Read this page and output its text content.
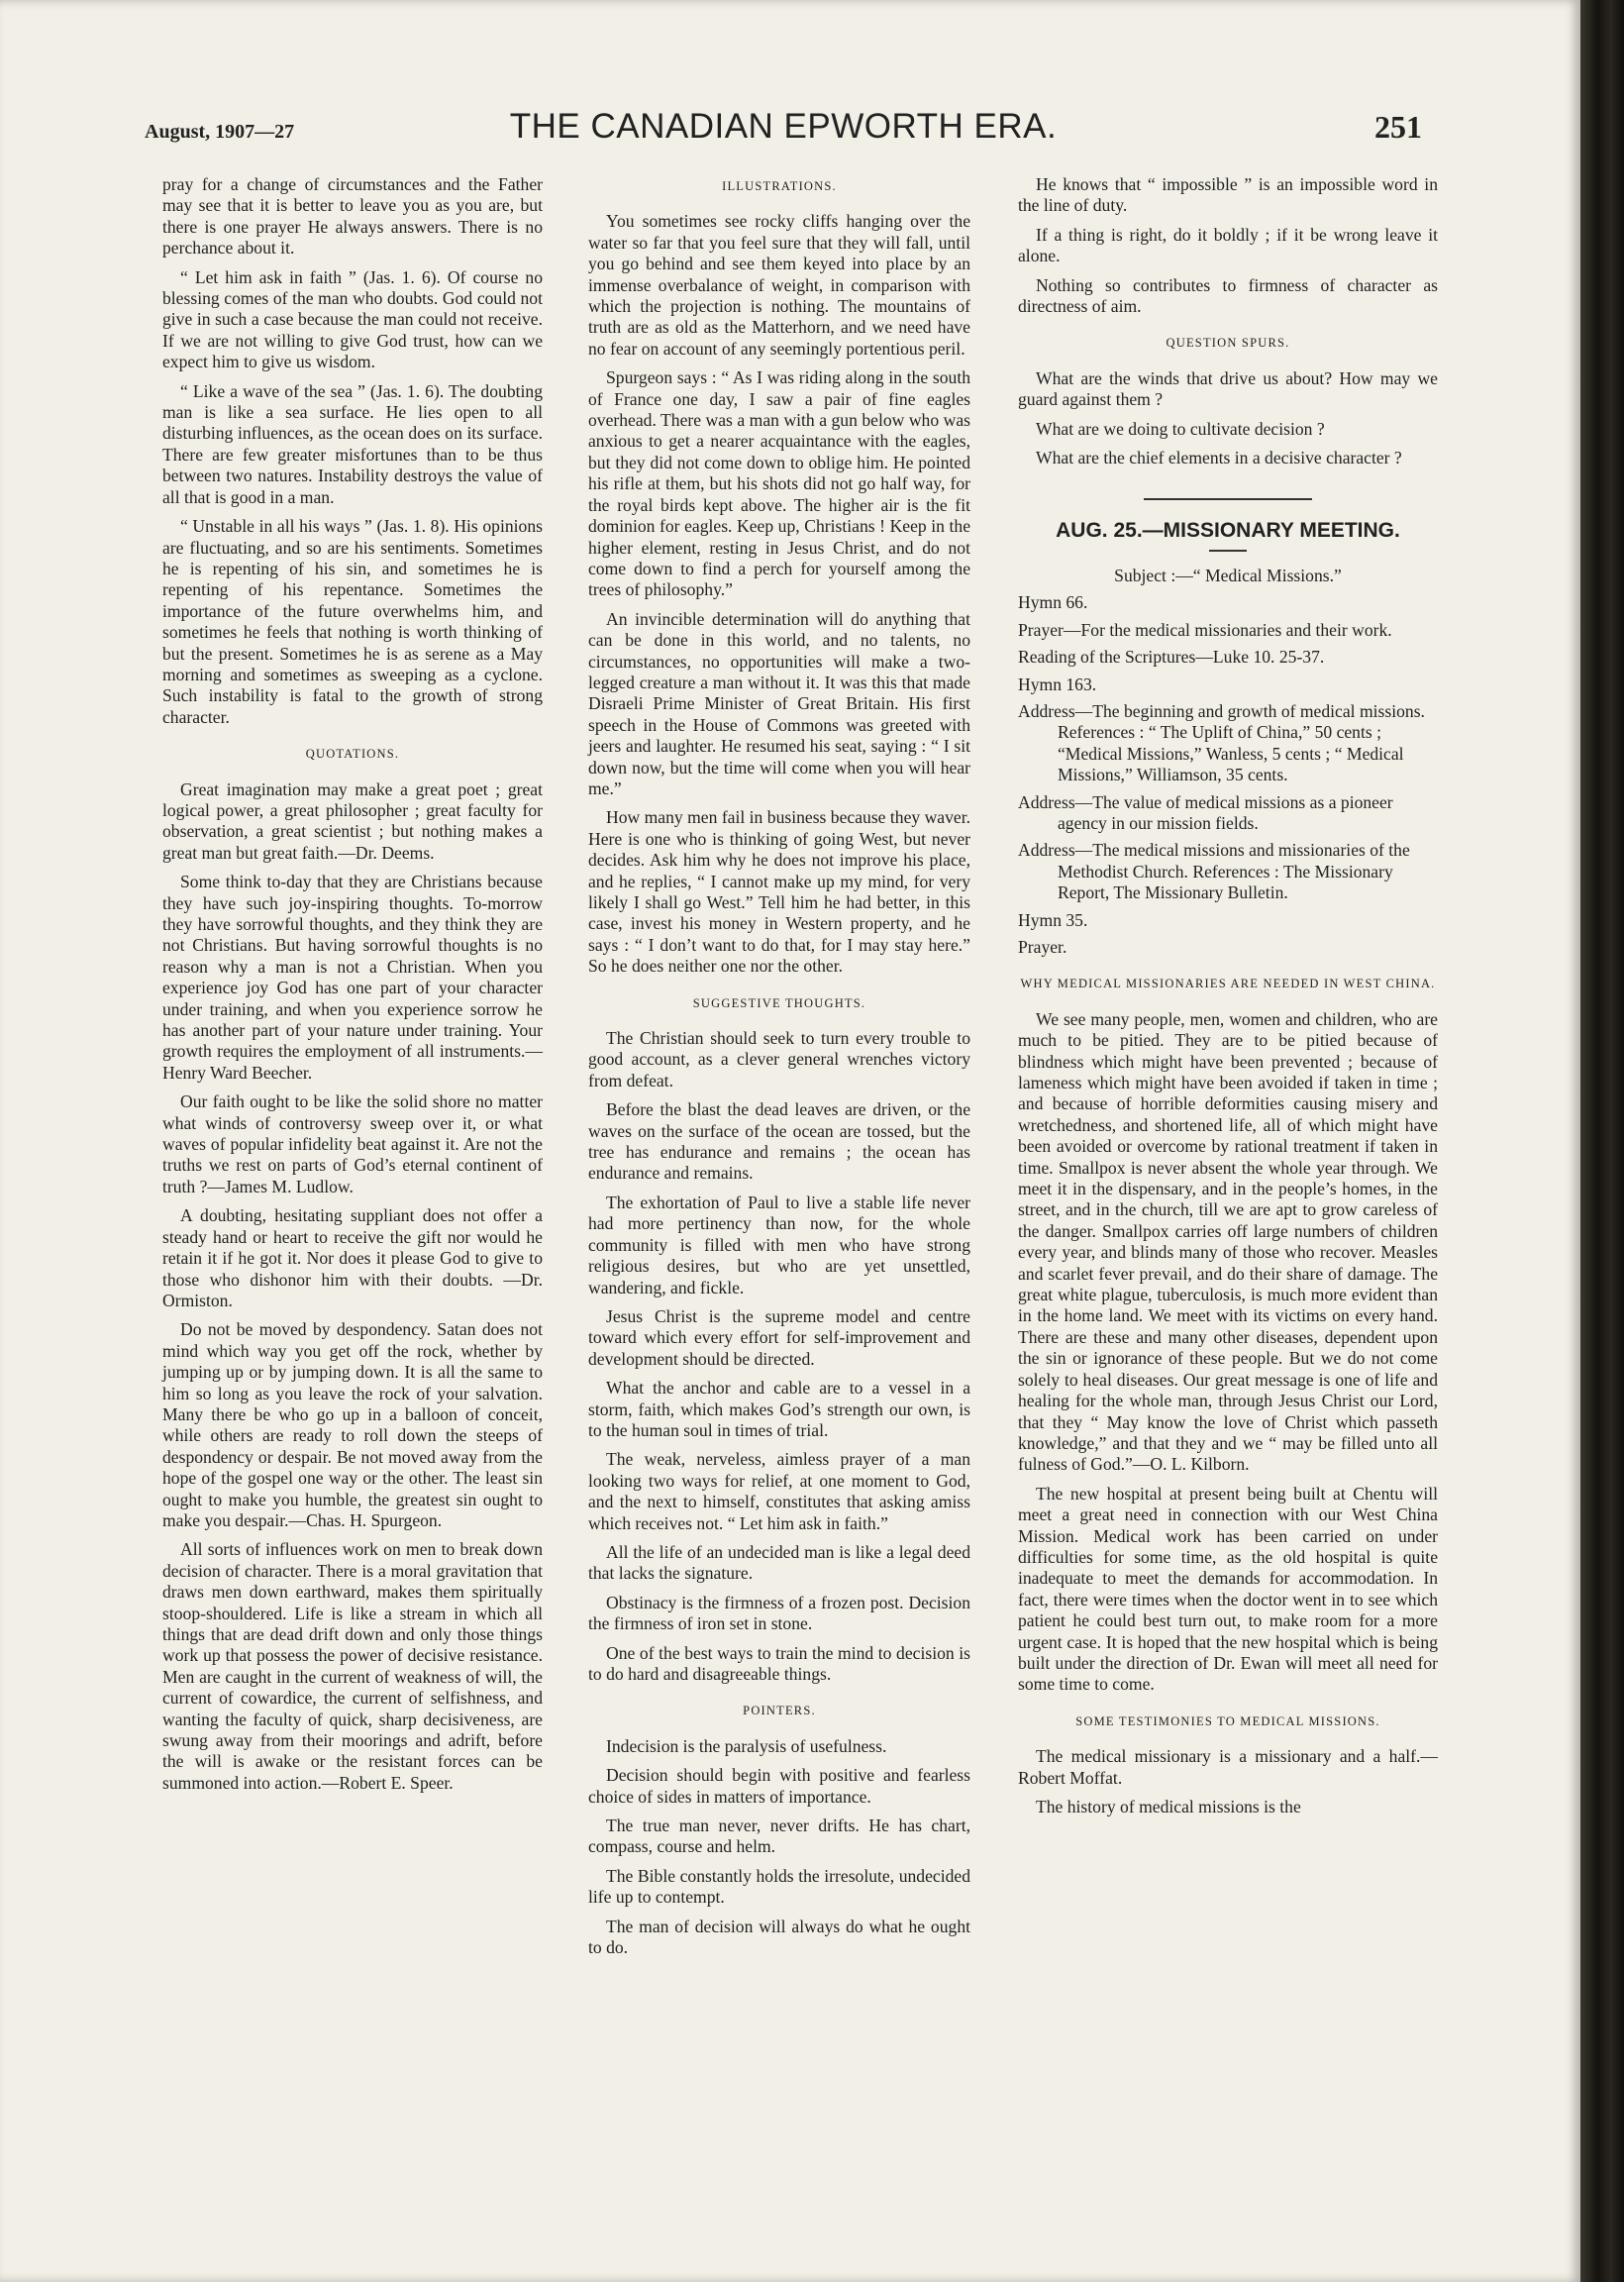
August, 1907—27	THE CANADIAN EPWORTH ERA.	251

pray for a change of circumstances and the Father may see that it is better to leave you as you are, but there is one prayer He always answers. There is no perchance about it.

“ Let him ask in faith ” (Jas. 1. 6). Of course no blessing comes of the man who doubts. God could not give in such a case because the man could not receive. If we are not willing to give God trust, how can we expect him to give us wisdom.

“ Like a wave of the sea ” (Jas. 1. 6). The doubting man is like a sea surface. He lies open to all disturbing influences, as the ocean does on its surface. There are few greater misfortunes than to be thus between two natures. Instability destroys the value of all that is good in a man.

“ Unstable in all his ways ” (Jas. 1. 8). His opinions are fluctuating, and so are his sentiments. Sometimes he is repenting of his sin, and sometimes he is repenting of his repentance. Sometimes the importance of the future overwhelms him, and sometimes he feels that nothing is worth thinking of but the present. Sometimes he is as serene as a May morning and sometimes as sweeping as a cyclone. Such instability is fatal to the growth of strong character.

QUOTATIONS.

Great imagination may make a great poet ; great logical power, a great philosopher ; great faculty for observation, a great scientist ; but nothing makes a great man but great faith.—Dr. Deems.

Some think to-day that they are Christians because they have such joy-inspiring thoughts. To-morrow they have sorrowful thoughts, and they think they are not Christians. But having sorrowful thoughts is no reason why a man is not a Christian. When you experience joy God has one part of your character under training, and when you experience sorrow he has another part of your nature under training. Your growth requires the employment of all instruments.—Henry Ward Beecher.

Our faith ought to be like the solid shore no matter what winds of controversy sweep over it, or what waves of popular infidelity beat against it. Are not the truths we rest on parts of God’s eternal continent of truth ?—James M. Ludlow.

A doubting, hesitating suppliant does not offer a steady hand or heart to receive the gift nor would he retain it if he got it. Nor does it please God to give to those who dishonor him with their doubts. —Dr. Ormiston.

Do not be moved by despondency. Satan does not mind which way you get off the rock, whether by jumping up or by jumping down. It is all the same to him so long as you leave the rock of your salvation. Many there be who go up in a balloon of conceit, while others are ready to roll down the steeps of despondency or despair. Be not moved away from the hope of the gospel one way or the other. The least sin ought to make you humble, the greatest sin ought to make you despair.—Chas. H. Spurgeon.

All sorts of influences work on men to break down decision of character. There is a moral gravitation that draws men down earthward, makes them spiritually stoop-shouldered. Life is like a stream in which all things that are dead drift down and only those things work up that possess the power of decisive resistance. Men are caught in the current of weakness of will, the current of cowardice, the current of selfishness, and wanting the faculty of quick, sharp decisiveness, are swung away from their moorings and adrift, before the will is awake or the resistant forces can be summoned into action.—Robert E. Speer.

ILLUSTRATIONS.

You sometimes see rocky cliffs hanging over the water so far that you feel sure that they will fall, until you go behind and see them keyed into place by an immense overbalance of weight, in comparison with which the projection is nothing. The mountains of truth are as old as the Matterhorn, and we need have no fear on account of any seemingly portentious peril.

Spurgeon says : “ As I was riding along in the south of France one day, I saw a pair of fine eagles overhead. There was a man with a gun below who was anxious to get a nearer acquaintance with the eagles, but they did not come down to oblige him. He pointed his rifle at them, but his shots did not go half way, for the royal birds kept above. The higher air is the fit dominion for eagles. Keep up, Christians ! Keep in the higher element, resting in Jesus Christ, and do not come down to find a perch for yourself among the trees of philosophy.”

An invincible determination will do anything that can be done in this world, and no talents, no circumstances, no opportunities will make a two-legged creature a man without it. It was this that made Disraeli Prime Minister of Great Britain. His first speech in the House of Commons was greeted with jeers and laughter. He resumed his seat, saying : “ I sit down now, but the time will come when you will hear me.”

How many men fail in business because they waver. Here is one who is thinking of going West, but never decides. Ask him why he does not improve his place, and he replies, “ I cannot make up my mind, for very likely I shall go West.” Tell him he had better, in this case, invest his money in Western property, and he says : “ I don’t want to do that, for I may stay here.” So he does neither one nor the other.

SUGGESTIVE THOUGHTS.

The Christian should seek to turn every trouble to good account, as a clever general wrenches victory from defeat.

Before the blast the dead leaves are driven, or the waves on the surface of the ocean are tossed, but the tree has endurance and remains ; the ocean has endurance and remains.

The exhortation of Paul to live a stable life never had more pertinency than now, for the whole community is filled with men who have strong religious desires, but who are yet unsettled, wandering, and fickle.

Jesus Christ is the supreme model and centre toward which every effort for self-improvement and development should be directed.

What the anchor and cable are to a vessel in a storm, faith, which makes God’s strength our own, is to the human soul in times of trial.

The weak, nerveless, aimless prayer of a man looking two ways for relief, at one moment to God, and the next to himself, constitutes that asking amiss which receives not. “ Let him ask in faith.”

All the life of an undecided man is like a legal deed that lacks the signature.

Obstinacy is the firmness of a frozen post. Decision the firmness of iron set in stone.

One of the best ways to train the mind to decision is to do hard and disagreeable things.

POINTERS.

Indecision is the paralysis of usefulness.

Decision should begin with positive and fearless choice of sides in matters of importance.

The true man never, never drifts. He has chart, compass, course and helm.

The Bible constantly holds the irresolute, undecided life up to contempt.

The man of decision will always do what he ought to do.

He knows that “ impossible ” is an impossible word in the line of duty.

If a thing is right, do it boldly ; if it be wrong leave it alone.

Nothing so contributes to firmness of character as directness of aim.

QUESTION SPURS.

What are the winds that drive us about? How may we guard against them ?

What are we doing to cultivate decision ?

What are the chief elements in a decisive character ?

AUG. 25.—MISSIONARY MEETING.
Subject :—“ Medical Missions.”
Hymn 66.
Prayer—For the medical missionaries and their work.
Reading of the Scriptures—Luke 10. 25-37.
Hymn 163.
Address—The beginning and growth of medical missions. References : “ The Uplift of China,” 50 cents ; “Medical Missions,” Wanless, 5 cents ; “ Medical Missions,” Williamson, 35 cents.
Address—The value of medical missions as a pioneer agency in our mission fields.
Address—The medical missions and missionaries of the Methodist Church. References : The Missionary Report, The Missionary Bulletin.
Hymn 35.
Prayer.
WHY MEDICAL MISSIONARIES ARE NEEDED IN WEST CHINA.

We see many people, men, women and children, who are much to be pitied. They are to be pitied because of blindness which might have been prevented ; because of lameness which might have been avoided if taken in time ; and because of horrible deformities causing misery and wretchedness, and shortened life, all of which might have been avoided or overcome by rational treatment if taken in time. Smallpox is never absent the whole year through. We meet it in the dispensary, and in the people’s homes, in the street, and in the church, till we are apt to grow careless of the danger. Smallpox carries off large numbers of children every year, and blinds many of those who recover. Measles and scarlet fever prevail, and do their share of damage. The great white plague, tuberculosis, is much more evident than in the home land. We meet with its victims on every hand. There are these and many other diseases, dependent upon the sin or ignorance of these people. But we do not come solely to heal diseases. Our great message is one of life and healing for the whole man, through Jesus Christ our Lord, that they “ May know the love of Christ which passeth knowledge,” and that they and we “ may be filled unto all fulness of God.”—O. L. Kilborn.

The new hospital at present being built at Chentu will meet a great need in connection with our West China Mission. Medical work has been carried on under difficulties for some time, as the old hospital is quite inadequate to meet the demands for accommodation. In fact, there were times when the doctor went in to see which patient he could best turn out, to make room for a more urgent case. It is hoped that the new hospital which is being built under the direction of Dr. Ewan will meet all need for some time to come.

SOME TESTIMONIES TO MEDICAL MISSIONS.

The medical missionary is a missionary and a half.—Robert Moffat.

The history of medical missions is the
